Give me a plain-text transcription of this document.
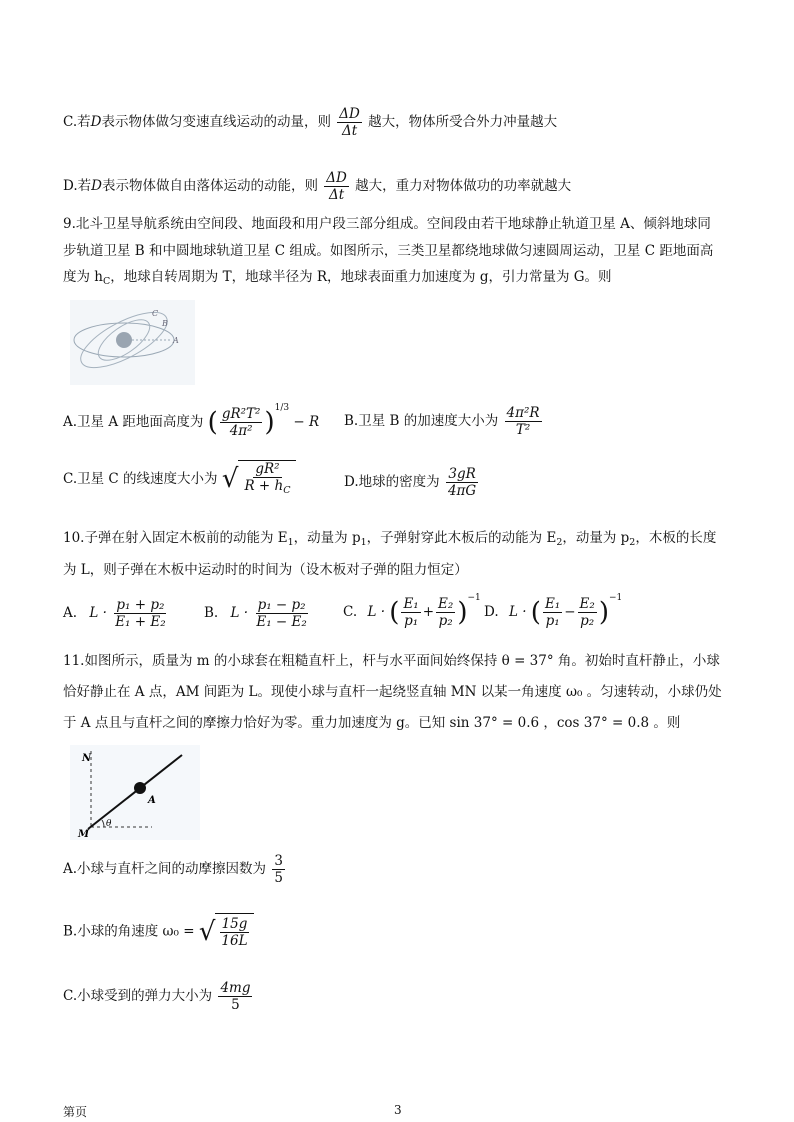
C.若D表示物体做匀变速直线运动的动量，则 $\frac{\Delta D}{\Delta t}$ 越大，物体所受合外力冲量越大
D.若D表示物体做自由落体运动的动能，则 $\frac{\Delta D}{\Delta t}$ 越大，重力对物体做功的功率就越大
9.北斗卫星导航系统由空间段、地面段和用户段三部分组成。空间段由若干地球静止轨道卫星 A、倾斜地球同
步轨道卫星 B 和中圆地球轨道卫星 C 组成。如图所示，三类卫星都绕地球做匀速圆周运动，卫星 C 距地面高
度为 $h_C$，地球自转周期为 T，地球半径为 R，地球表面重力加速度为 g，引力常量为 G。则
C
B
A
A.卫星 A 距地面高度为 ( $\frac{\text{gR²T²}}{\text{4π²}} )^{1/3} - R$ B.卫星 B 的加速度大小为 $\frac{\text{4π²R}}{\text{T²}}$
C.卫星 C 的线速度大小为 √ $\frac{\text{gR²}}{R + h_C}$	D.地球的密度为 $\frac{3gR}{4\pi G}$
10.子弹在射入固定木板前的动能为 $E_1$，动量为 $p_1$，子弹射穿此木板后的动能为 $E_2$，动量为 $p_2$，木板的长度
为 L，则子弹在木板中运动时的时间为（设木板对子弹的阻力恒定）
A. $L \cdot \frac{\text{p₁ + p₂}}{\text{E₁ + E₂}}$	B. $L \cdot \frac{\text{p₁ − p₂}}{\text{E₁ − E₂}}$	C. L · ( $\frac{\text{E₁}}{\text{p₁}} + \frac{\text{E₂}}{\text{p₂}} )^{-1}$
D. L · ( $\frac{\text{E₁}}{\text{p₁}} - \frac{\text{E₂}}{\text{p₂}} )^{-1}$
11.如图所示，质量为 m 的小球套在粗糙直杆上，杆与水平面间始终保持 θ = 37° 角。初始时直杆静止，小球
恰好静止在 A 点，AM 间距为 L。现使小球与直杆一起绕竖直轴 MN 以某一角速度 ω₀ 。匀速转动，小球仍处
于 A 点且与直杆之间的摩擦力恰好为零。重力加速度为 g。已知 sin 37° = 0.6 ，cos 37° = 0.8 。则
N
A
M
θ
A.小球与直杆之间的动摩擦因数为 $\frac{3}{5}$
B.小球的角速度 ω₀ = √ $\frac{15g}{16L}$
C.小球受到的弹力大小为 $\frac{4mg}{5}$
第页	3
